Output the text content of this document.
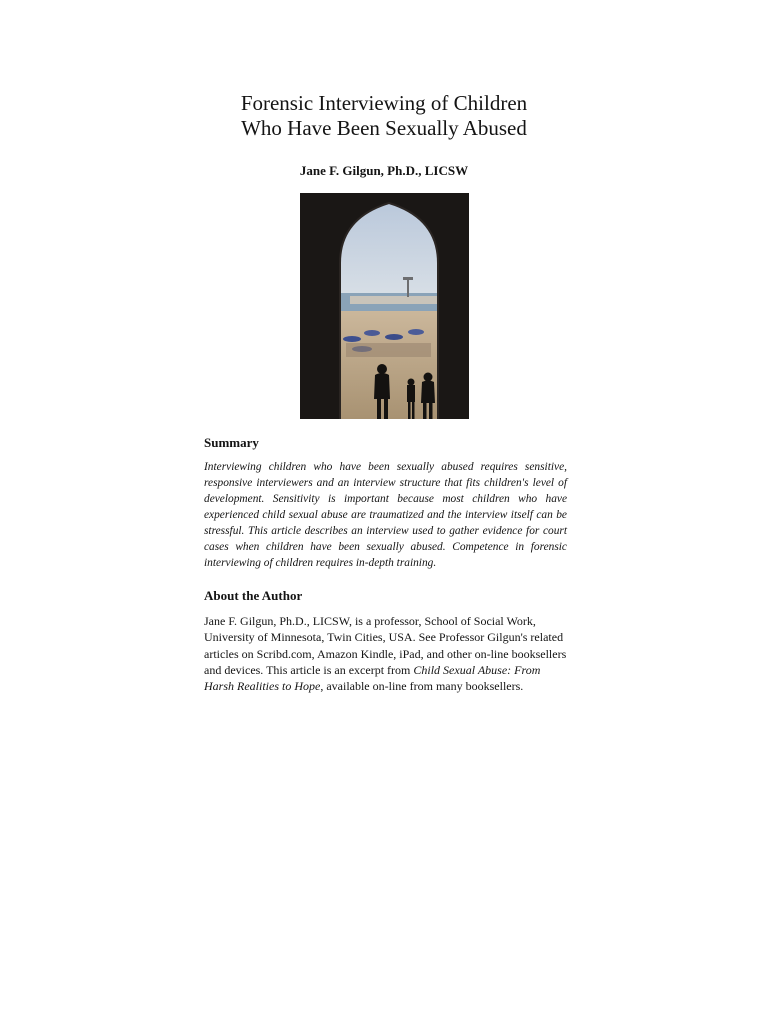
Forensic Interviewing of Children
Who Have Been Sexually Abused
Jane F. Gilgun, Ph.D., LICSW
Summary

Interviewing children who have been sexually abused requires sensitive, responsive interviewers and an interview structure that fits children's level of development. Sensitivity is important because most children who have experienced child sexual abuse are traumatized and the interview itself can be stressful. This article describes an interview used to gather evidence for court cases when children have been sexually abused. Competence in forensic interviewing of children requires in-depth training.

About the Author

Jane F. Gilgun, Ph.D., LICSW, is a professor, School of Social Work, University of Minnesota, Twin Cities, USA. See Professor Gilgun's related articles on Scribd.com, Amazon Kindle, iPad, and other on-line booksellers and devices. This article is an excerpt from Child Sexual Abuse: From Harsh Realities to Hope, available on-line from many booksellers.
